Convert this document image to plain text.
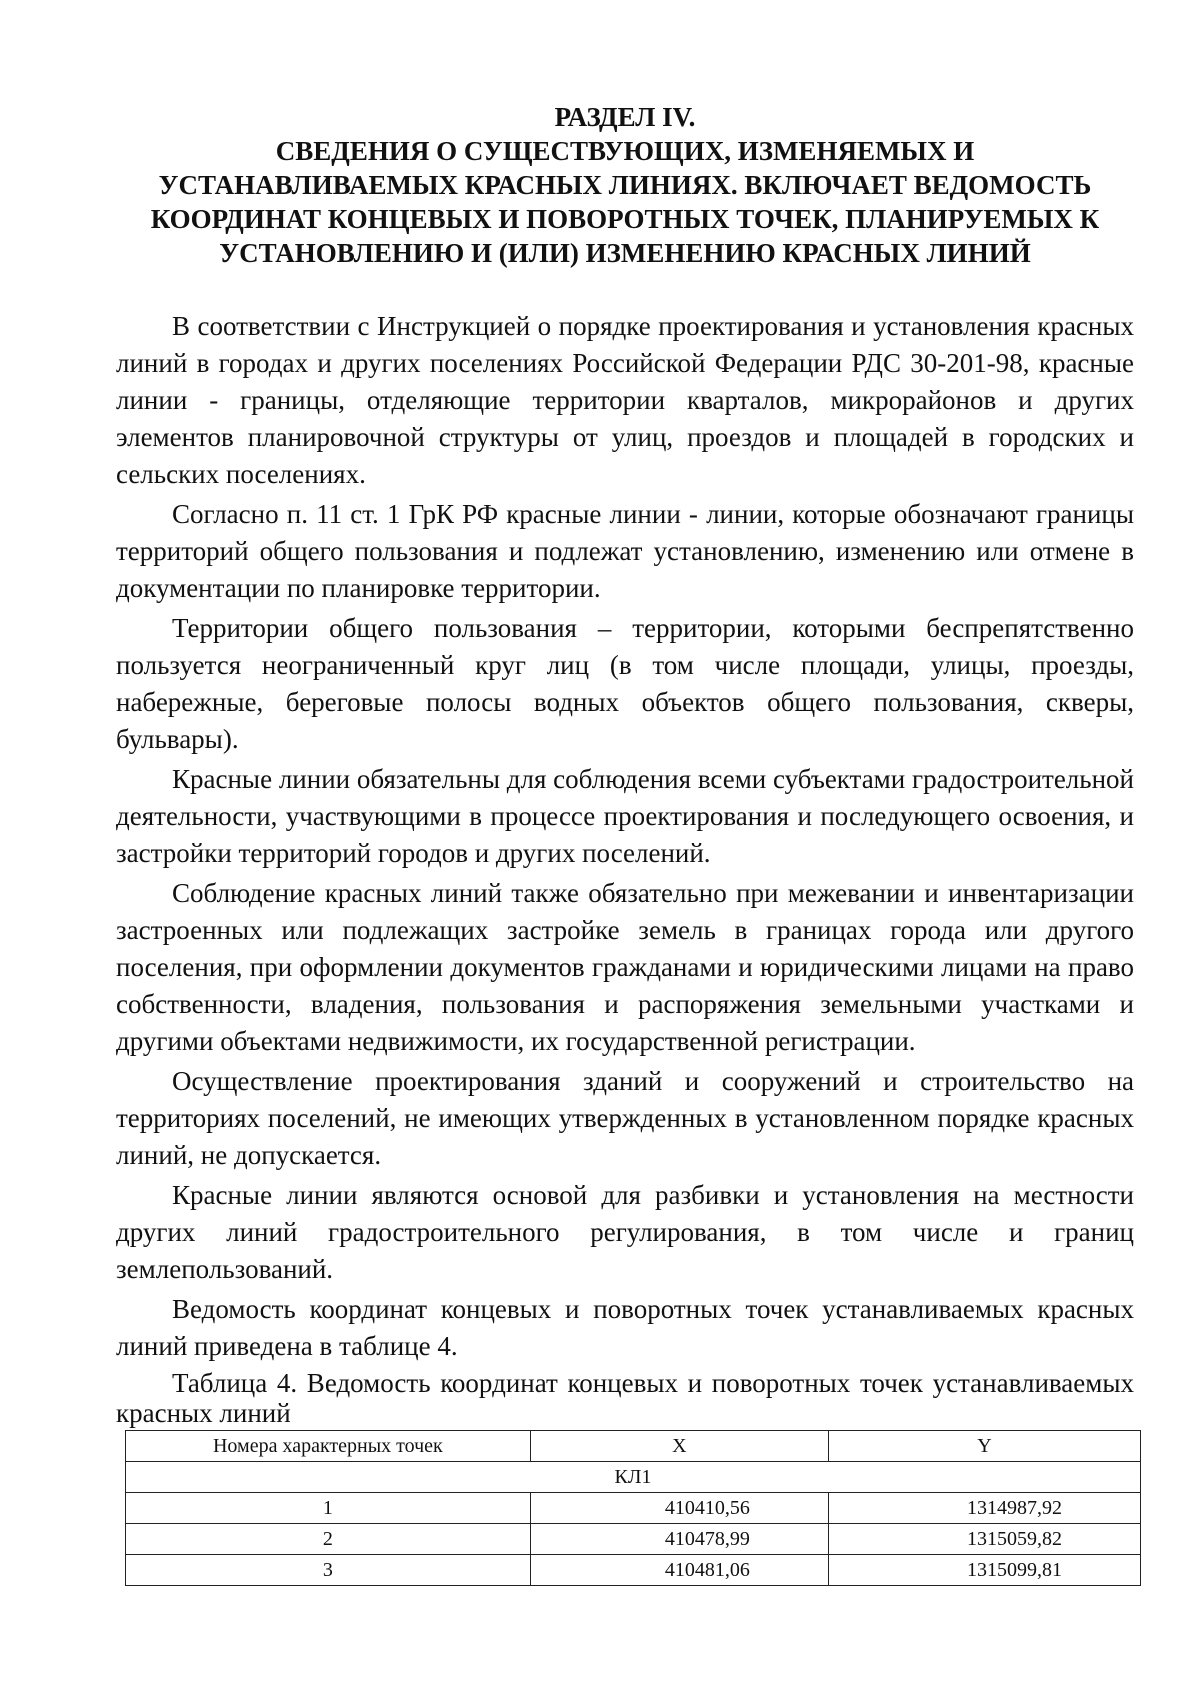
РАЗДЕЛ IV.
СВЕДЕНИЯ О СУЩЕСТВУЮЩИХ, ИЗМЕНЯЕМЫХ И
УСТАНАВЛИВАЕМЫХ КРАСНЫХ ЛИНИЯХ. ВКЛЮЧАЕТ ВЕДОМОСТЬ
КООРДИНАТ КОНЦЕВЫХ И ПОВОРОТНЫХ ТОЧЕК, ПЛАНИРУЕМЫХ К
УСТАНОВЛЕНИЮ И (ИЛИ) ИЗМЕНЕНИЮ КРАСНЫХ ЛИНИЙ

В соответствии с Инструкцией о порядке проектирования и установления красных линий в городах и других поселениях Российской Федерации РДС 30-201-98, красные линии - границы, отделяющие территории кварталов, микрорайонов и других элементов планировочной структуры от улиц, проездов и площадей в городских и сельских поселениях.

Согласно п. 11 ст. 1 ГрК РФ красные линии - линии, которые обозначают границы территорий общего пользования и подлежат установлению, изменению или отмене в документации по планировке территории.

Территории общего пользования – территории, которыми беспрепятственно пользуется неограниченный круг лиц (в том числе площади, улицы, проезды, набережные, береговые полосы водных объектов общего пользования, скверы, бульвары).

Красные линии обязательны для соблюдения всеми субъектами градостроительной деятельности, участвующими в процессе проектирования и последующего освоения, и застройки территорий городов и других поселений.

Соблюдение красных линий также обязательно при межевании и инвентаризации застроенных или подлежащих застройке земель в границах города или другого поселения, при оформлении документов гражданами и юридическими лицами на право собственности, владения, пользования и распоряжения земельными участками и другими объектами недвижимости, их государственной регистрации.

Осуществление проектирования зданий и сооружений и строительство на территориях поселений, не имеющих утвержденных в установленном порядке красных линий, не допускается.

Красные линии являются основой для разбивки и установления на местности других линий градостроительного регулирования, в том числе и границ землепользований.

Ведомость координат концевых и поворотных точек устанавливаемых красных линий приведена в таблице 4.

Таблица 4. Ведомость координат концевых и поворотных точек устанавливаемых красных линий

Номера характерных точек	X	Y
КЛ1		
1	410410,56	1314987,92
2	410478,99	1315059,82
3	410481,06	1315099,81
